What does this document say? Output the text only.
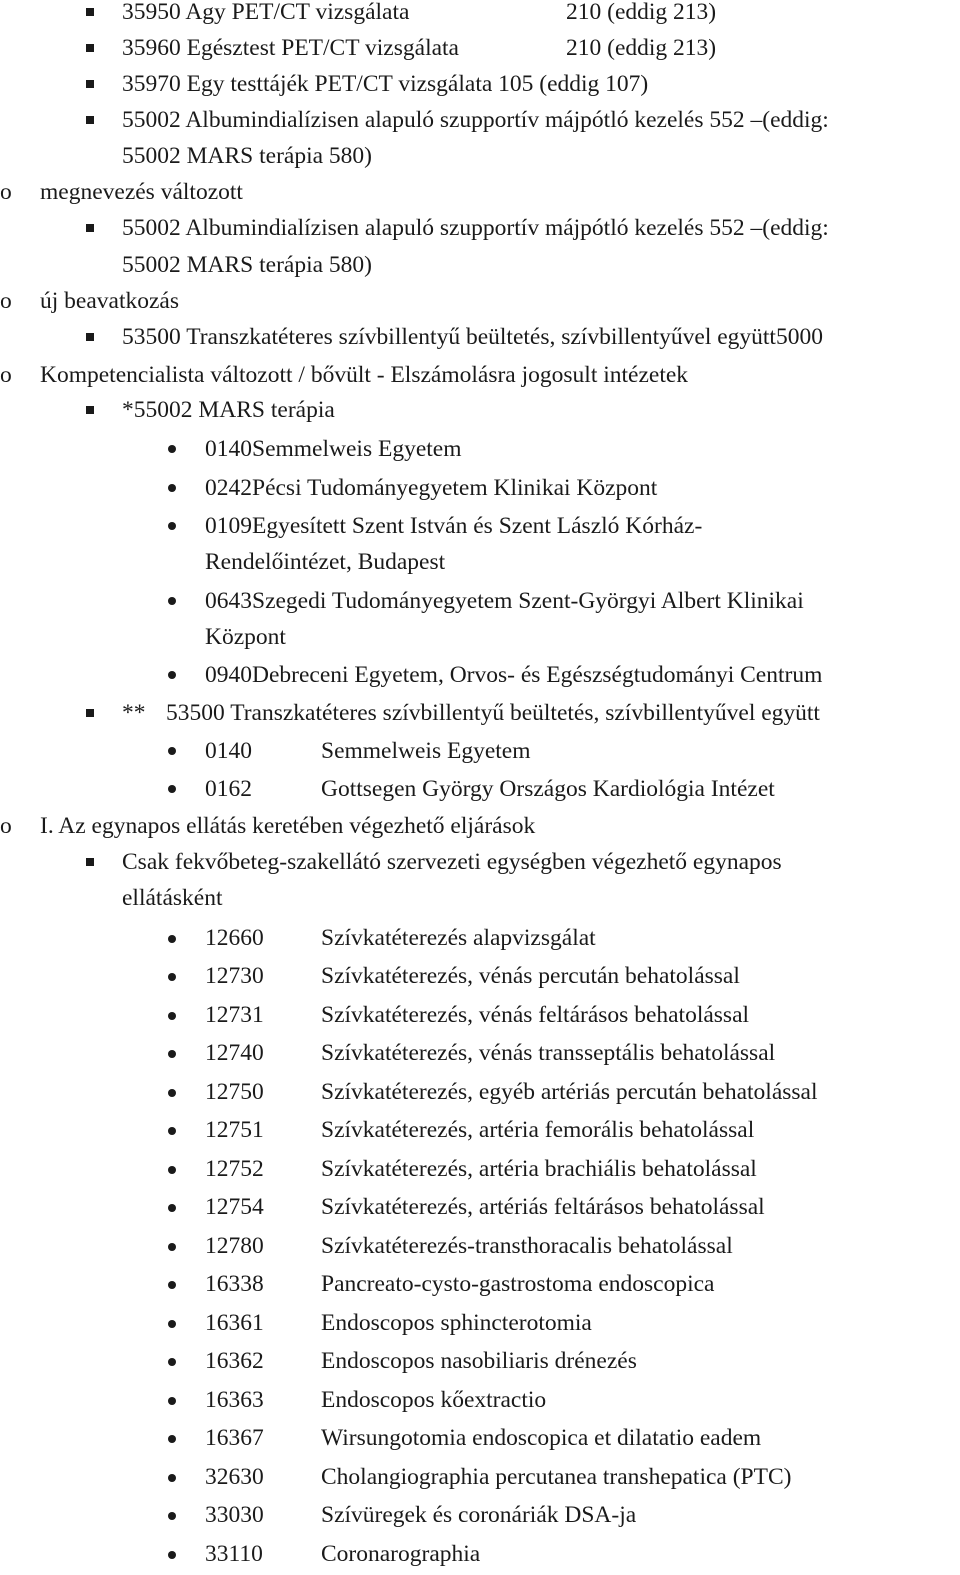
35950 Agy PET/CT vizsgálata	210 (eddig 213)
35960 Egésztest PET/CT vizsgálata	210 (eddig 213)
35970 Egy testtájék PET/CT vizsgálata 105 (eddig 107)
55002 Albumindialízisen alapuló szupportív májpótló kezelés 552 –(eddig:
55002 MARS terápia 580)
o megnevezés változott
55002 Albumindialízisen alapuló szupportív májpótló kezelés 552 –(eddig:
55002 MARS terápia 580)
o új beavatkozás
53500 Transzkatéteres szívbillentyű beültetés, szívbillentyűvel együtt5000
o Kompetencialista változott / bővült - Elszámolásra jogosult intézetek
*55002 MARS terápia
0140Semmelweis Egyetem
0242Pécsi Tudományegyetem Klinikai Központ
0109Egyesített Szent István és Szent László Kórház-
Rendelőintézet, Budapest
0643Szegedi Tudományegyetem Szent-Györgyi Albert Klinikai
Központ
0940Debreceni Egyetem, Orvos- és Egészségtudományi Centrum
** 53500 Transzkatéteres szívbillentyű beültetés, szívbillentyűvel együtt
0140	Semmelweis Egyetem
0162	Gottsegen György Országos Kardiológia Intézet
o I. Az egynapos ellátás keretében végezhető eljárások
Csak fekvőbeteg-szakellátó szervezeti egységben végezhető egynapos
ellátásként
12660 Szívkatéterezés alapvizsgálat
12730 Szívkatéterezés, vénás percután behatolással
12731 Szívkatéterezés, vénás feltárásos behatolással
12740 Szívkatéterezés, vénás transseptális behatolással
12750 Szívkatéterezés, egyéb artériás percután behatolással
12751 Szívkatéterezés, artéria femorális behatolással
12752 Szívkatéterezés, artéria brachiális behatolással
12754 Szívkatéterezés, artériás feltárásos behatolással
12780 Szívkatéterezés-transthoracalis behatolással
16338 Pancreato-cysto-gastrostoma endoscopica
16361 Endoscopos sphincterotomia
16362 Endoscopos nasobiliaris drénezés
16363 Endoscopos kőextractio
16367 Wirsungotomia endoscopica et dilatatio eadem
32630 Cholangiographia percutanea transhepatica (PTC)
33030 Szívüregek és coronáriák DSA-ja
33110 Coronarographia
